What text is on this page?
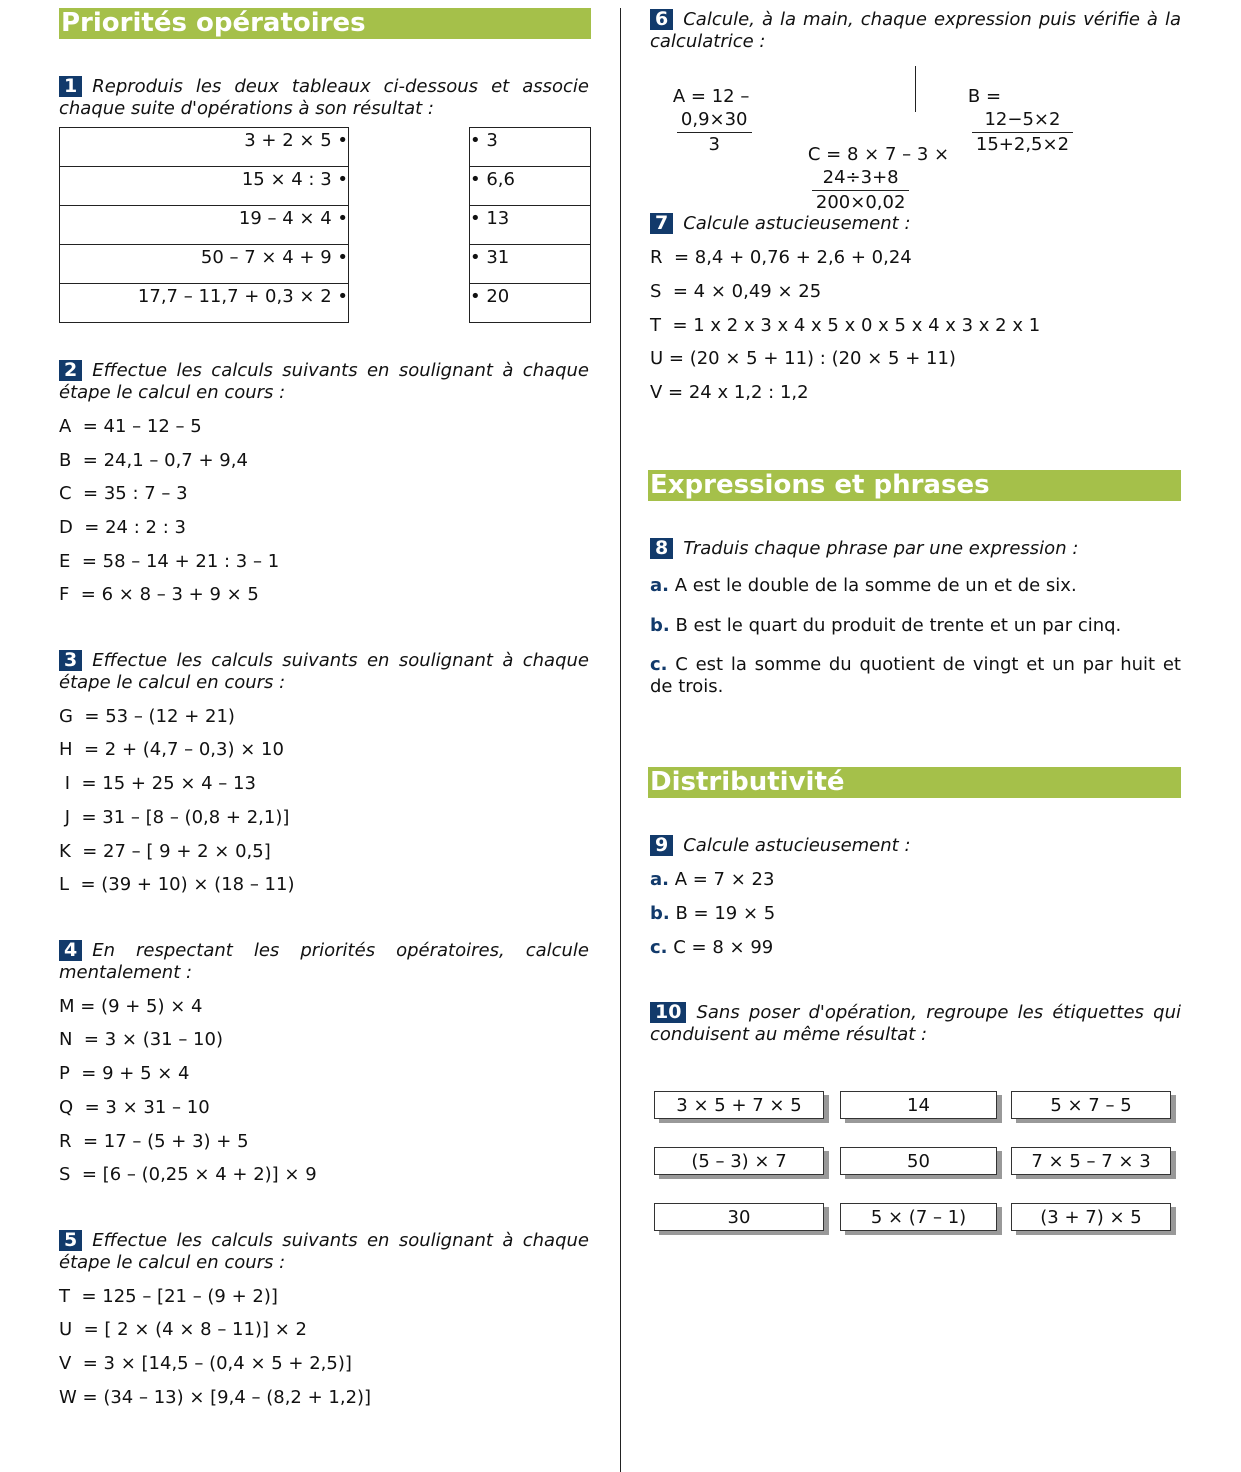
Priorités opératoires

1 Reproduis les deux tableaux ci-dessous et associe chaque suite d'opérations à son résultat :

3 + 2 × 5 •
15 × 4 : 3 •
19 – 4 × 4 •
50 – 7 × 4 + 9 •
17,7 – 11,7 + 0,3 × 2 •
• 3
• 6,6
• 13
• 31
• 20

2 Effectue les calculs suivants en soulignant à chaque étape le calcul en cours :

A  = 41 – 12 – 5
B  = 24,1 – 0,7 + 9,4
C  = 35 : 7 – 3
D  = 24 : 2 : 3
E  = 58 – 14 + 21 : 3 – 1
F  = 6 × 8 – 3 + 9 × 5

3 Effectue les calculs suivants en soulignant à chaque étape le calcul en cours :

G  = 53 – (12 + 21)
H  = 2 + (4,7 – 0,3) × 10
I  = 15 + 25 × 4 – 13
J  = 31 – [8 – (0,8 + 2,1)]
K  = 27 – [ 9 + 2 × 0,5]
L  = (39 + 10) × (18 – 11)

4 En respectant les priorités opératoires, calcule mentalement :

M = (9 + 5) × 4
N  = 3 × (31 – 10)
P  = 9 + 5 × 4
Q  = 3 × 31 – 10
R  = 17 – (5 + 3) + 5
S  = [6 – (0,25 × 4 + 2)] × 9

5 Effectue les calculs suivants en soulignant à chaque étape le calcul en cours :

T  = 125 – [21 – (9 + 2)]
U  = [ 2 × (4 × 8 – 11)] × 2
V  = 3 × [14,5 – (0,4 × 5 + 2,5)]
W = (34 – 13) × [9,4 – (8,2 + 1,2)]

6 Calcule, à la main, chaque expression puis vérifie à la calculatrice :

A = 12 –

$\frac{0,9\times 30}{3}$

B =

$\frac{12-5\times 2}{15+2,5\times 2}$

C = 8 × 7 – 3 ×

$\frac{24\div 3+8}{200\times 0,02}$

7 Calcule astucieusement :

R  = 8,4 + 0,76 + 2,6 + 0,24
S  = 4 × 0,49 × 25
T  = 1 x 2 x 3 x 4 x 5 x 0 x 5 x 4 x 3 x 2 x 1
U = (20 × 5 + 11) : (20 × 5 + 11)
V = 24 x 1,2 : 1,2
Expressions et phrases

8 Traduis chaque phrase par une expression :

a. A est le double de la somme de un et de six.
b. B est le quart du produit de trente et un par cinq.
c. C est la somme du quotient de vingt et un par huit et de trois.
Distributivité

9 Calcule astucieusement :

a. A = 7 × 23
b. B = 19 × 5
c. C = 8 × 99

10 Sans poser d'opération, regroupe les étiquettes qui conduisent au même résultat :

3 × 5 + 7 × 5	14	5 × 7 – 5
(5 – 3) × 7	50	7 × 5 – 7 × 3
30	5 × (7 – 1)	(3 + 7) × 5
